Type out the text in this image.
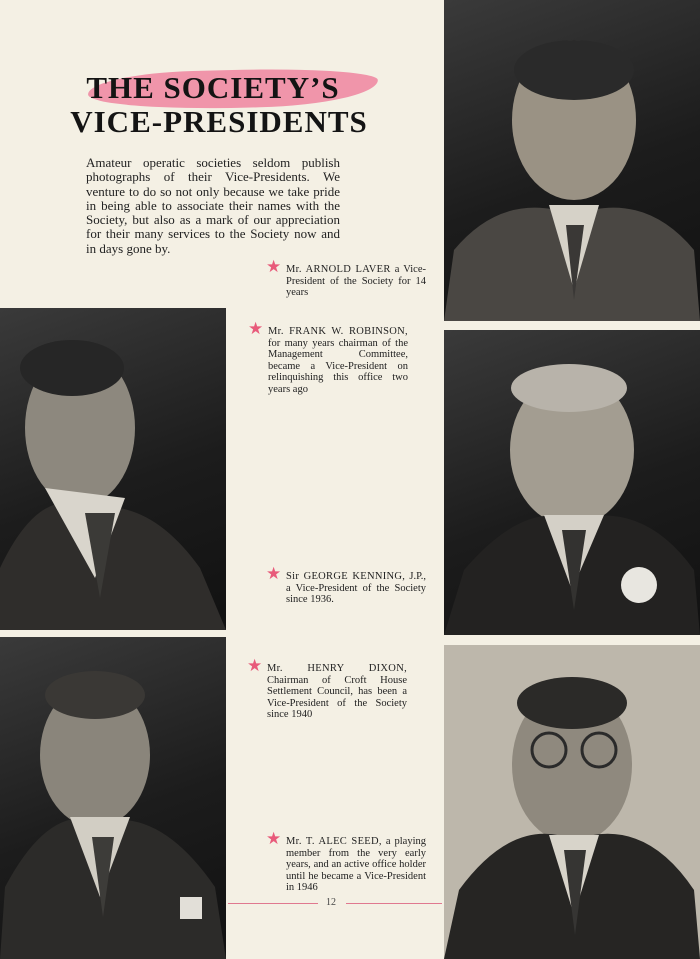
THE SOCIETY’S
VICE-PRESIDENTS
Amateur operatic societies seldom publish photographs of their Vice-Presidents. We venture to do so not only because we take pride in being able to associate their names with the Society, but also as a mark of our appreciation for their many services to the Society now and in days gone by.
★ Mr. ARNOLD LAVER a Vice-President of the Society for 14 years
★ Mr. FRANK W. ROBINSON, for many years chairman of the Management Committee, became a Vice-President on relinquishing this office two years ago
★ Sir GEORGE KENNING, J.P., a Vice-President of the Society since 1936.
★ Mr. HENRY DIXON, Chairman of Croft House Settlement Council, has been a Vice-President of the Society since 1940
★ Mr. T. ALEC SEED, a playing member from the very early years, and an active office holder until he became a Vice-President in 1946
12
